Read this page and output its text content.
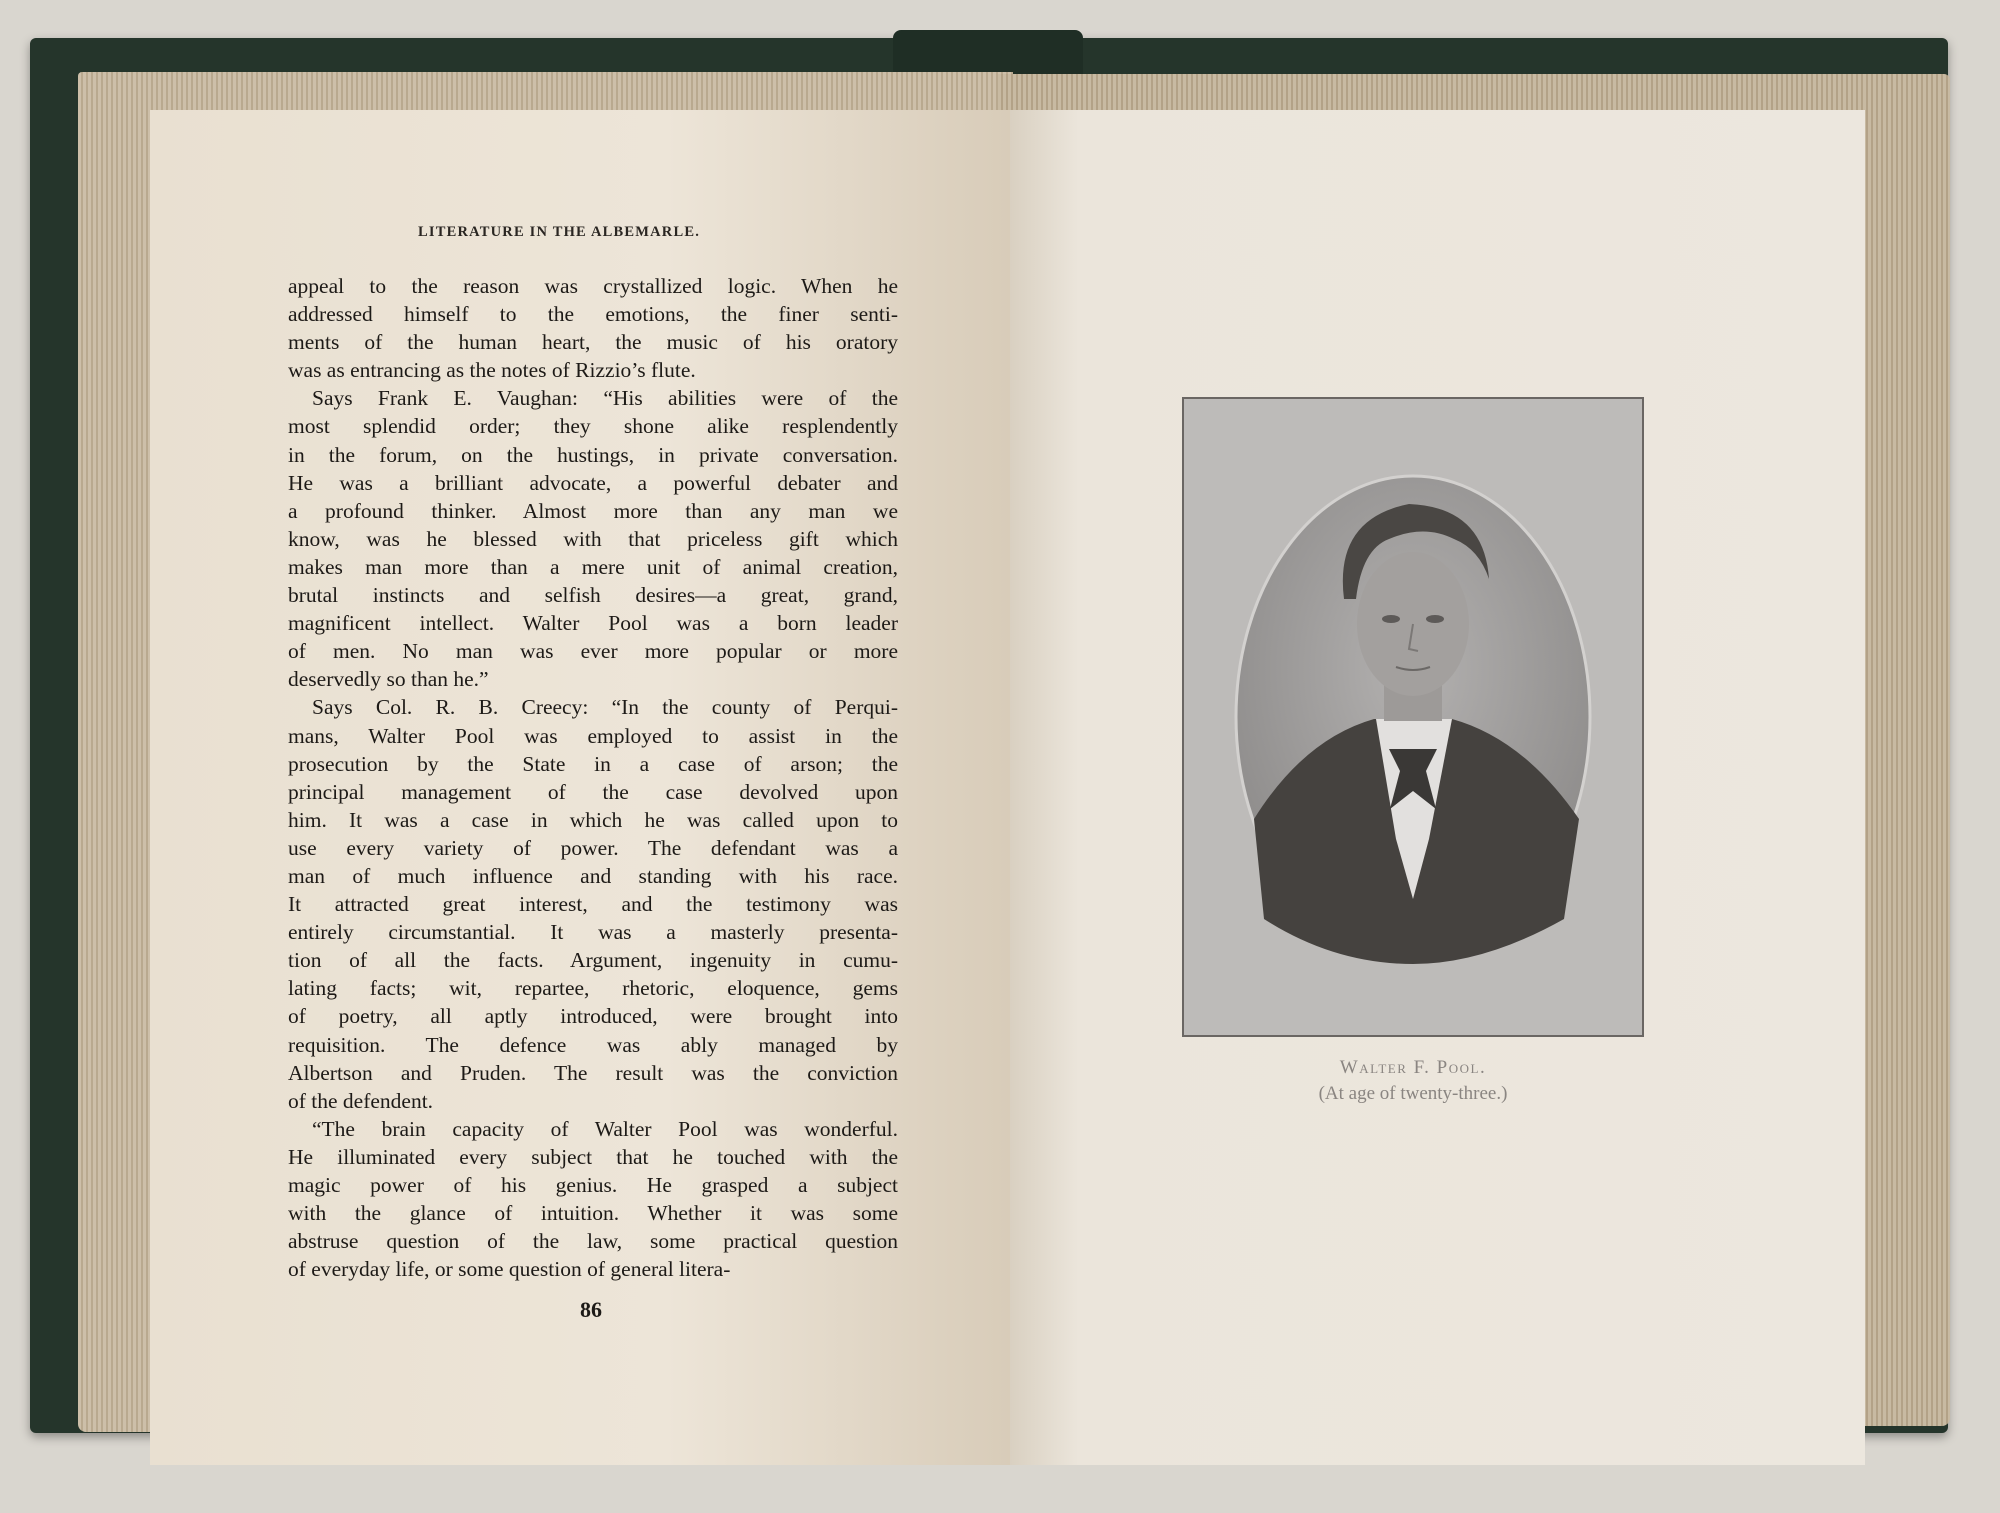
LITERATURE IN THE ALBEMARLE.

appeal to the reason was crystallized logic. When he

addressed himself to the emotions, the finer senti-

ments of the human heart, the music of his oratory

was as entrancing as the notes of Rizzio’s flute.

Says Frank E. Vaughan: “His abilities were of the

most splendid order; they shone alike resplendently

in the forum, on the hustings, in private conversation.

He was a brilliant advocate, a powerful debater and

a profound thinker. Almost more than any man we

know, was he blessed with that priceless gift which

makes man more than a mere unit of animal creation,

brutal instincts and selfish desires—a great, grand,

magnificent intellect. Walter Pool was a born leader

of men. No man was ever more popular or more

deservedly so than he.”

Says Col. R. B. Creecy: “In the county of Perqui-

mans, Walter Pool was employed to assist in the

prosecution by the State in a case of arson; the

principal management of the case devolved upon

him. It was a case in which he was called upon to

use every variety of power. The defendant was a

man of much influence and standing with his race.

It attracted great interest, and the testimony was

entirely circumstantial. It was a masterly presenta-

tion of all the facts. Argument, ingenuity in cumu-

lating facts; wit, repartee, rhetoric, eloquence, gems

of poetry, all aptly introduced, were brought into

requisition. The defence was ably managed by

Albertson and Pruden. The result was the conviction

of the defendent.

“The brain capacity of Walter Pool was wonderful.

He illuminated every subject that he touched with the

magic power of his genius. He grasped a subject

with the glance of intuition. Whether it was some

abstruse question of the law, some practical question

of everyday life, or some question of general litera-

86
Walter F. Pool.
(At age of twenty-three.)
